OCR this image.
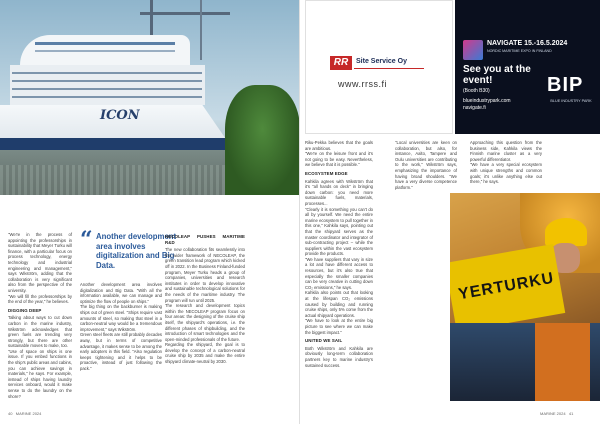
ICON

"We're in the process of appointing the professorships in sustainability that Meyer Turku will finance, with a particular focus on process technology, energy technology and industrial engineering and management," says Wikström, adding that the collaboration is very significant also from the perspective of the university.
"We will fill the professorships by the end of the year," he believes.

DIGGING DEEP

Talking about ways to cut down carbon in the marine industry, Wikström acknowledges that green fuels are trending very strongly, but there are other sustainable moves to make, too.
"Use of space on ships is one issue. If you embed functions in the ship's public areas and cabins, you can achieve savings in materials," he says. For example, instead of ships having laundry services onboard, would it make sense to do the laundry on the shore?

“ Another development area involves digitalization and Big Data.

Another development area involves digitalization and Big Data. "With all the information available, we can manage and optimize the flow of people on ships."
The big thing on the backburner is making ships out of green steel. "Ships require vast amounts of steel, so making that steel in a carbon-neutral way would be a tremendous improvement," says Wikström.
Green steel fleets are still probably decades away, but in terms of competitive advantage, it makes sense to be among the early adopters in this field. "Also regulation keeps tightening and it helps to be proactive, instead of just following the pack."

NECOLEAP PUSHES MARITIME R&D

The new collaboration fits seamlessly into the wider framework of NECOLEAP, the green transition lead program which kicked off in 2022. In the Business Finland-funded program, Meyer Turku heads a group of companies, universities and research institutes in order to develop innovative and sustainable technological solutions for the needs of the maritime industry. The program will run until 2025.
The research and development topics within the NECOLEAP program focus on four areas: the designing of the cruise ship itself, the shipyard's operations, i.e. the different phases of shipbuilding, and the introduction of smart technologies and the open-minded professionals of the future.
Regarding the shipyard, the goal is to develop the concept of a carbon-neutral cruise ship by 2035 and make the entire shipyard climate-neutral by 2030.

40 MARINE 2024

Riku-Pekka believes that the goals are ambitious.
"We're on the leisure front and it's not going to be easy. Nevertheless, we believe that it is possible."

ECOSYSTEM EDGE

Kahkila agrees with Wikström that it's "all hands on deck" in bringing down carbon: you need more sustainable fuels, materials, processes...
"Clearly it is something you can't do all by yourself. We need the entire marine ecosystem to pull together in this one," Kahkila says, pointing out that the shipyard serves as the master coordinator and integrator of sub-contracting project – while the suppliers within the vast ecosystem provide the products.
"We have suppliers that vary in size a lot and have different access to resources, but it's also true that especially the smaller companies can be very creative in cutting down CO₂ emissions," he says.
Kahkila also points out that looking at the lifespan CO₂ emissions caused by building and running cruise ships, only 5% come from the actual shipyard operations.
"We have to look at the entire big picture to see where we can make the biggest impact."

UNITED WE SAIL

Both Wikström and Kahkila are obviously long-term collaboration partners key to marine industry's sustained success.

"Local universities are keen on collaboration, but also, for instance, Aalto, Tampere and Oulu universities are contributing to the work," Wikström says, emphasizing the importance of having broad shoulders. "We have a very diverse competence platform."

Approaching this question from the business side, Kahkila views the Finnish marine cluster as a very powerful differentiator.
"We have a very special ecosystem with unique strengths and common goals; it's unlike anything else out there," he says.

MARINE 2024 41
RR	Site Service Oy
www.rrss.fi
NAVIGATE 15.-16.5.2024
NORDIC MARITIME EXPO IN FINLAND
See you at the event!
(Booth B30)
blueindustrypark.com
navigate.fi
BIP
BLUE INDUSTRY PARK
YERTURKU
